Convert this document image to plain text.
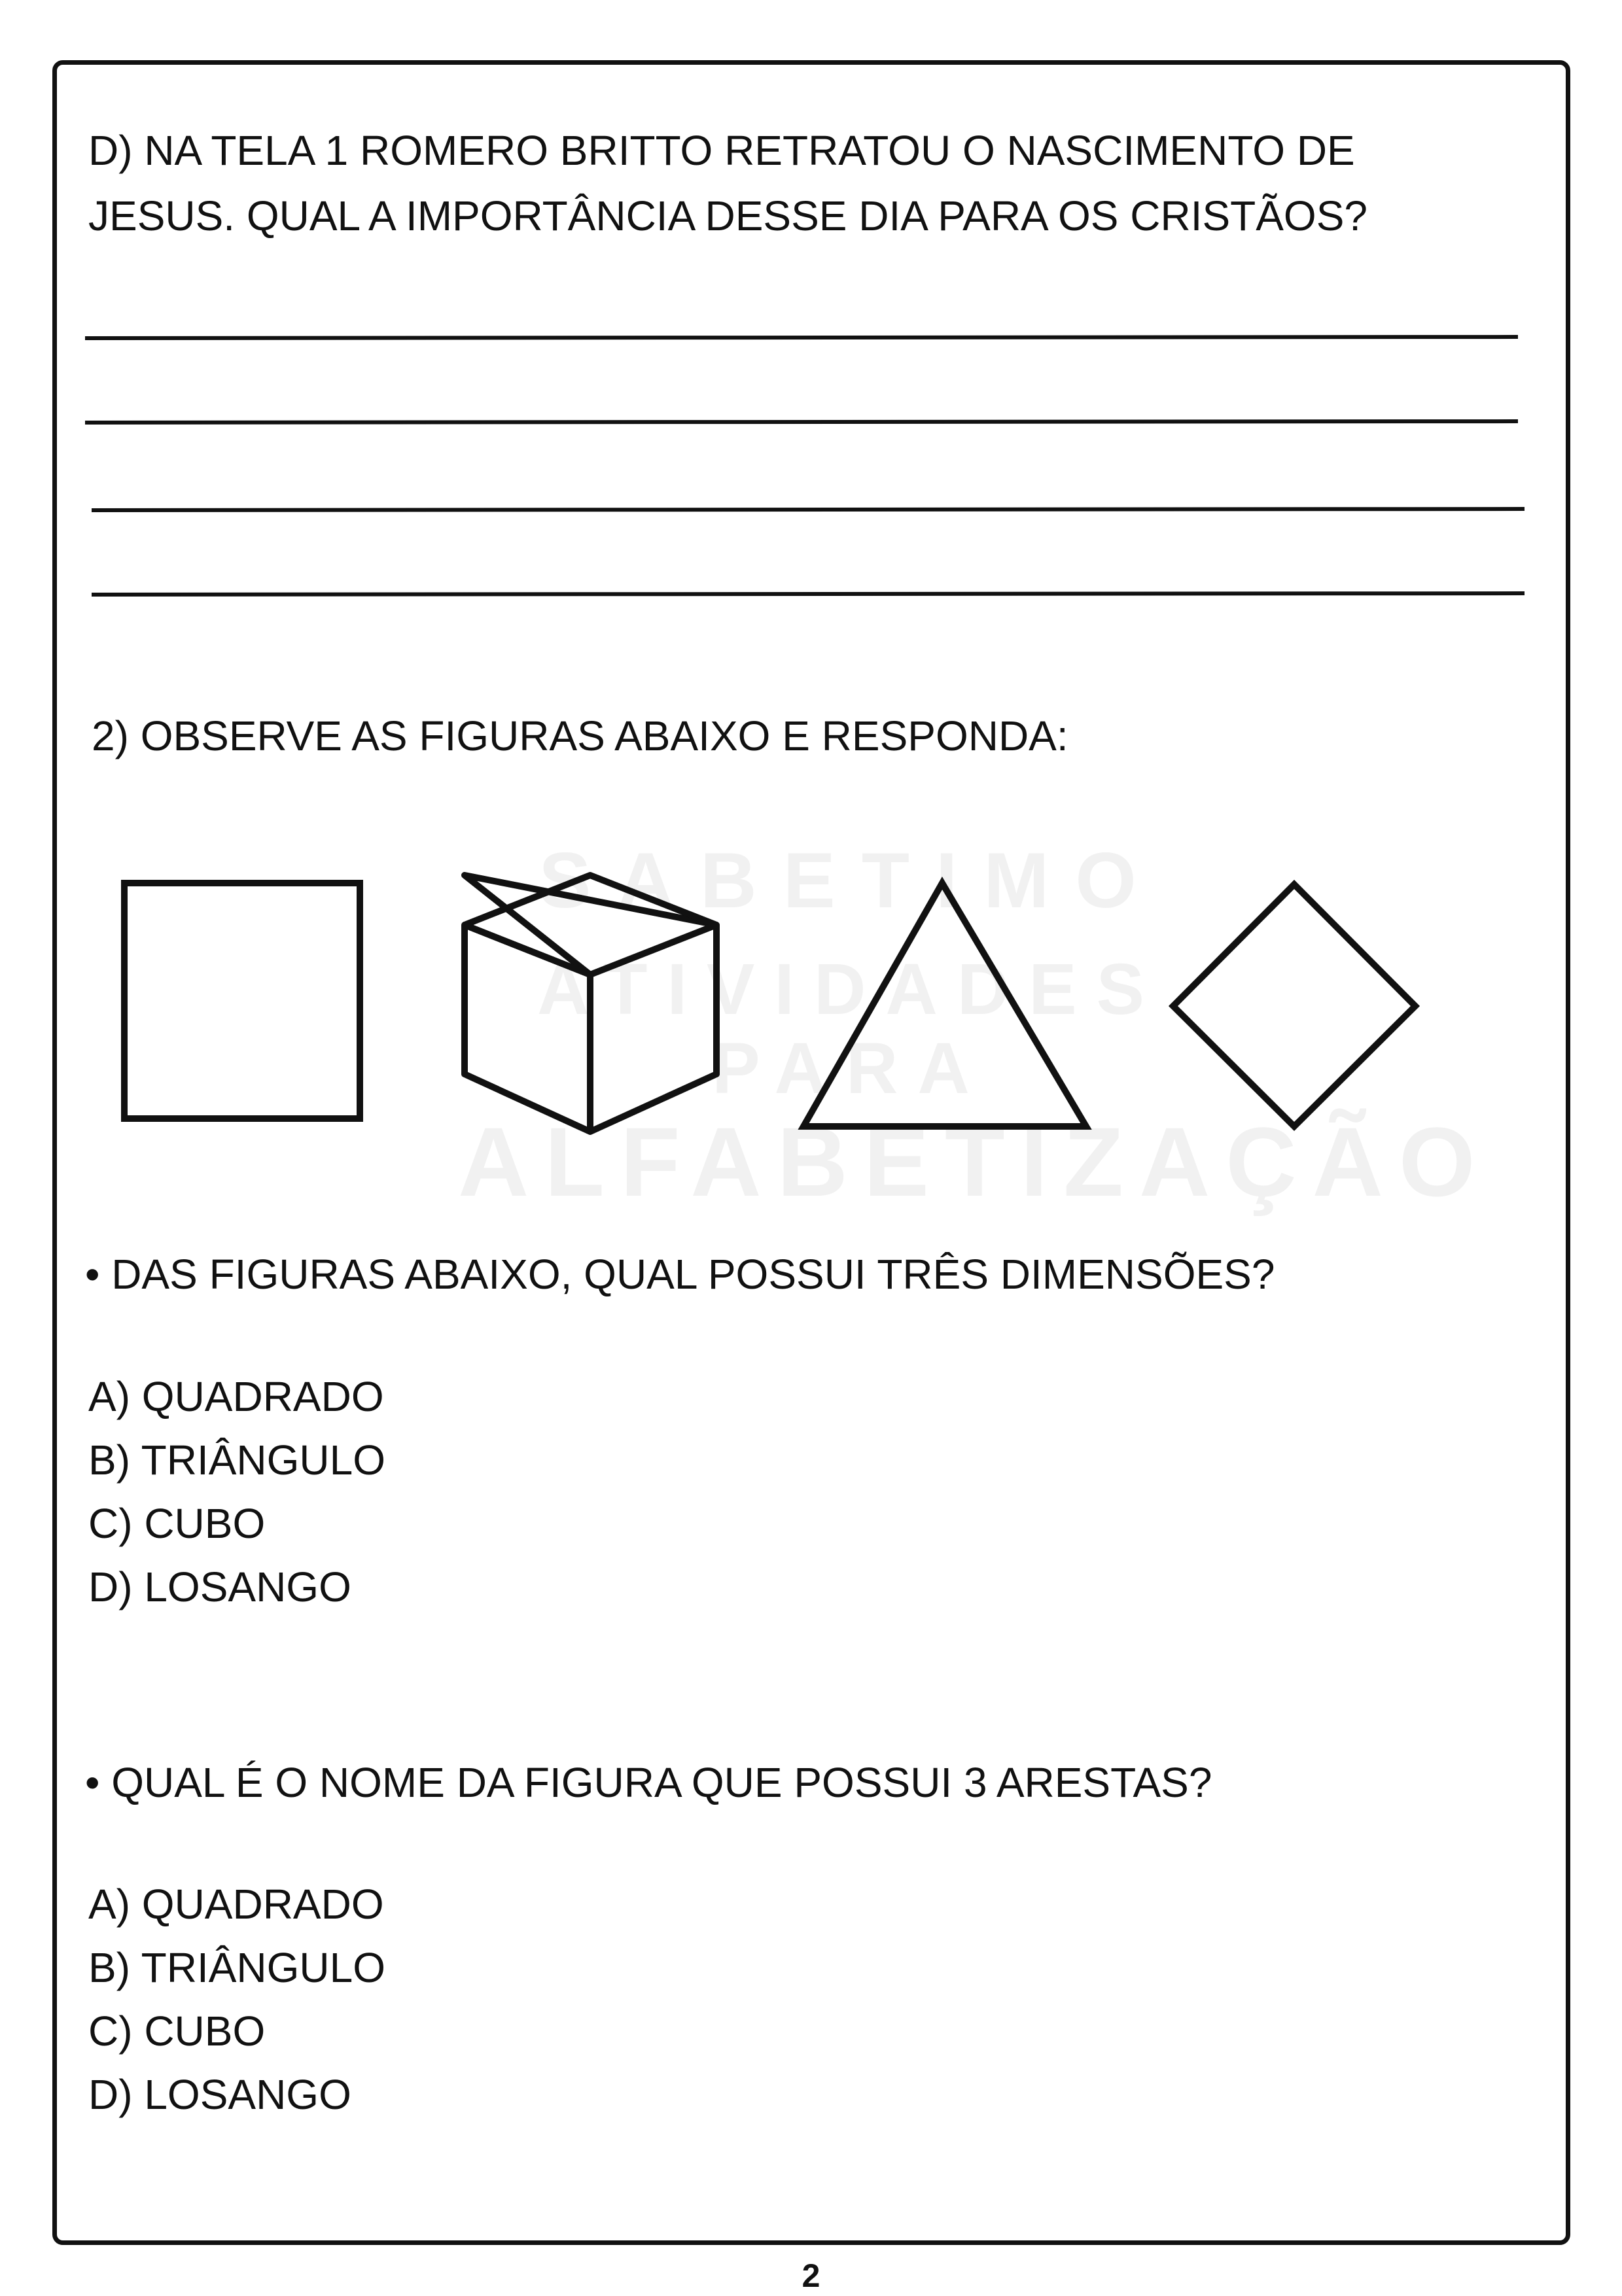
SABETIMO
ATIVIDADES PARA
ALFABETIZAÇÃO
D) NA TELA 1 ROMERO BRITTO RETRATOU O NASCIMENTO DE
JESUS. QUAL A IMPORTÂNCIA DESSE DIA PARA OS CRISTÃOS?
2) OBSERVE AS FIGURAS ABAIXO E RESPONDA:
• DAS FIGURAS ABAIXO, QUAL POSSUI TRÊS DIMENSÕES?
A) QUADRADO
B) TRIÂNGULO
C) CUBO
D) LOSANGO
• QUAL É O NOME DA FIGURA QUE POSSUI 3 ARESTAS?
A) QUADRADO
B) TRIÂNGULO
C) CUBO
D) LOSANGO
2
